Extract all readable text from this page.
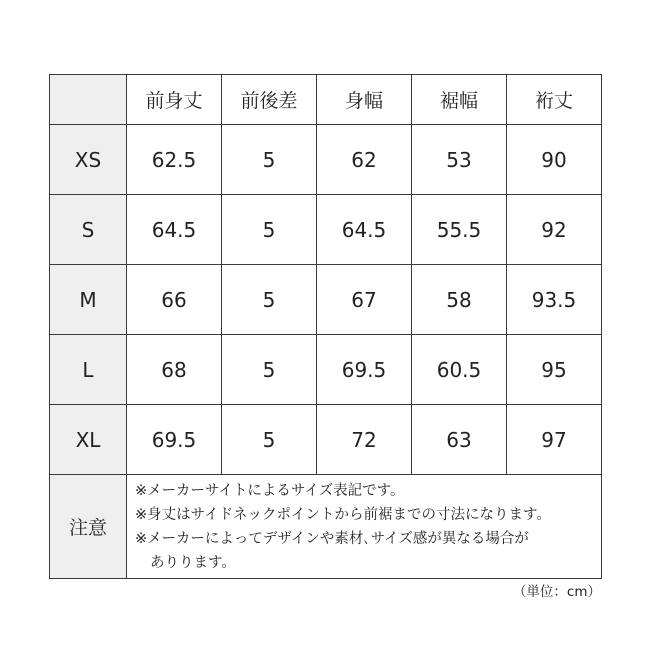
	前身丈	前後差	身幅	裾幅	裄丈
XS	62.5	5	62	53	90
S	64.5	5	64.5	55.5	92
M	66	5	67	58	93.5
L	68	5	69.5	60.5	95
XL	69.5	5	72	63	97
注意	※メーカーサイトによるサイズ表記です。
※身丈はサイドネックポイントから前裾までの寸法になります。
※メーカーによってデザインや素材､サイズ感が異なる場合が
ありります。				
（単位：cm）
